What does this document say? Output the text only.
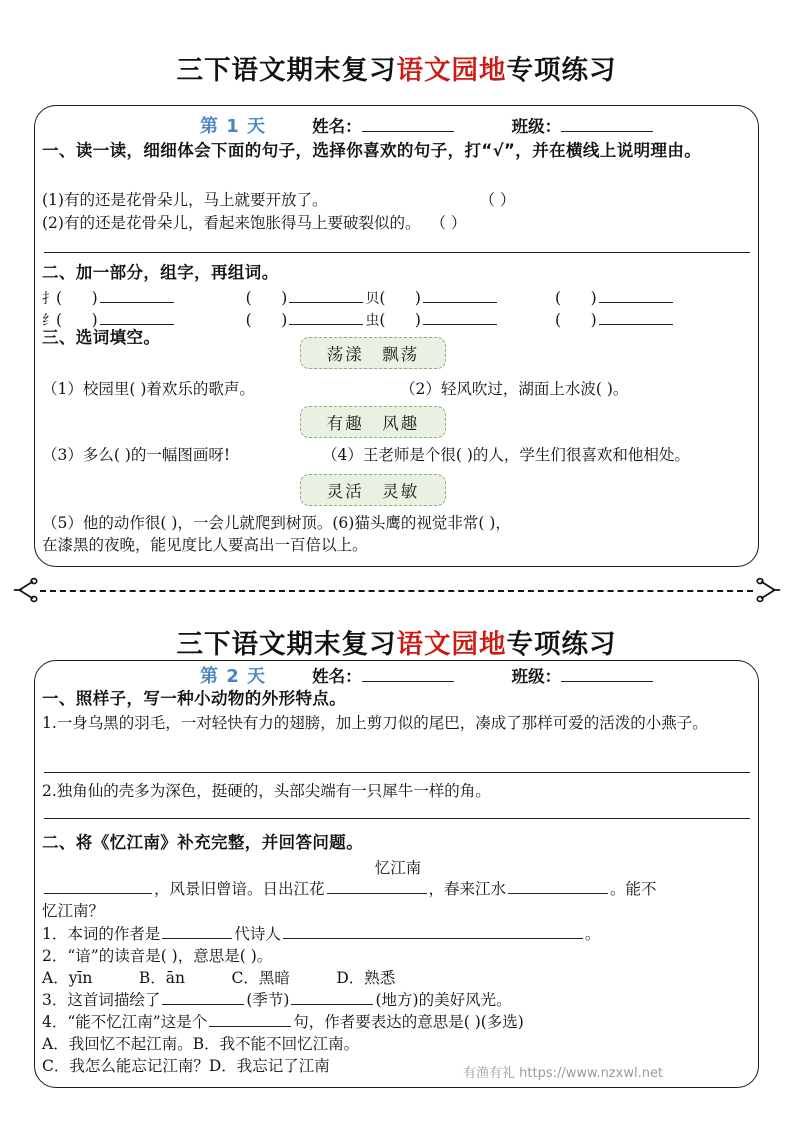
三下语文期末复习语文园地专项练习
第 1 天	姓名：	班级：
一、读一读，细细体会下面的句子，选择你喜欢的句子，打“√”，并在横线上说明理由。
(1)有的还是花骨朵儿，马上就要开放了。	（ ）
(2)有的还是花骨朵儿，看起来饱胀得马上要破裂似的。 （ ）
二、加一部分，组字，再组词。
扌 (      )	(      )	贝 (      )	(      )
纟 (      )	(      )	虫 (      )	(      )
三、选词填空。
荡漾　飘荡
（1）校园里( )着欢乐的歌声。	（2）轻风吹过，湖面上水波( )。
有趣　风趣
（3）多么( )的一幅图画呀!	（4）王老师是个很( )的人，学生们很喜欢和他相处。
灵活　灵敏
（5）他的动作很( )，一会儿就爬到树顶。(6)猫头鹰的视觉非常( )，
在漆黑的夜晚，能见度比人要高出一百倍以上。
三下语文期末复习语文园地专项练习
第 2 天	姓名：	班级：
一、照样子，写一种小动物的外形特点。
1.一身乌黑的羽毛，一对轻快有力的翅膀，加上剪刀似的尾巴，凑成了那样可爱的活泼的小燕子。
2.独角仙的壳多为深色，挺硬的，头部尖端有一只犀牛一样的角。
二、将《忆江南》补充完整，并回答问题。
忆江南
，风景旧曾谙。日出江花	，春来江水	。能不
忆江南？
1．本词的作者是	代诗人	。
2．“谙”的读音是( )，意思是( )。
A．yīn　　　B．ān　　　C．黑暗　　　D．熟悉
3．这首词描绘了	(季节)	(地方)的美好风光。
4．“能不忆江南”这是个	句，作者要表达的意思是( )(多选)
A．我回忆不起江南。B．我不能不回忆江南。
C．我怎么能忘记江南？D．我忘记了江南	有渔有礼 https://www.nzxwl.net
